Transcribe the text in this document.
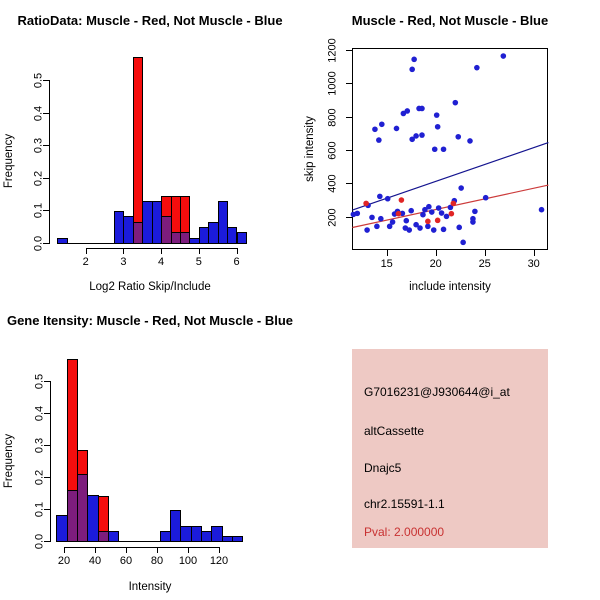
RatioData: Muscle - Red, Not Muscle - Blue
Frequency
Log2 Ratio Skip/Include
0.0
0.1
0.2
0.3
0.4
0.5
2	3	4	5	6
Muscle - Red, Not Muscle - Blue
skip intensity
include intensity
15	20	25	30
200
400
600
800
1000
1200
Gene Itensity: Muscle - Red, Not Muscle - Blue
Frequency
Intensity
0.0
0.1
0.2
0.3
0.4
0.5
20	40	60	80	100	120
G7016231@J930644@i_at
altCassette
Dnajc5
chr2.15591-1.1
Pval: 2.000000
